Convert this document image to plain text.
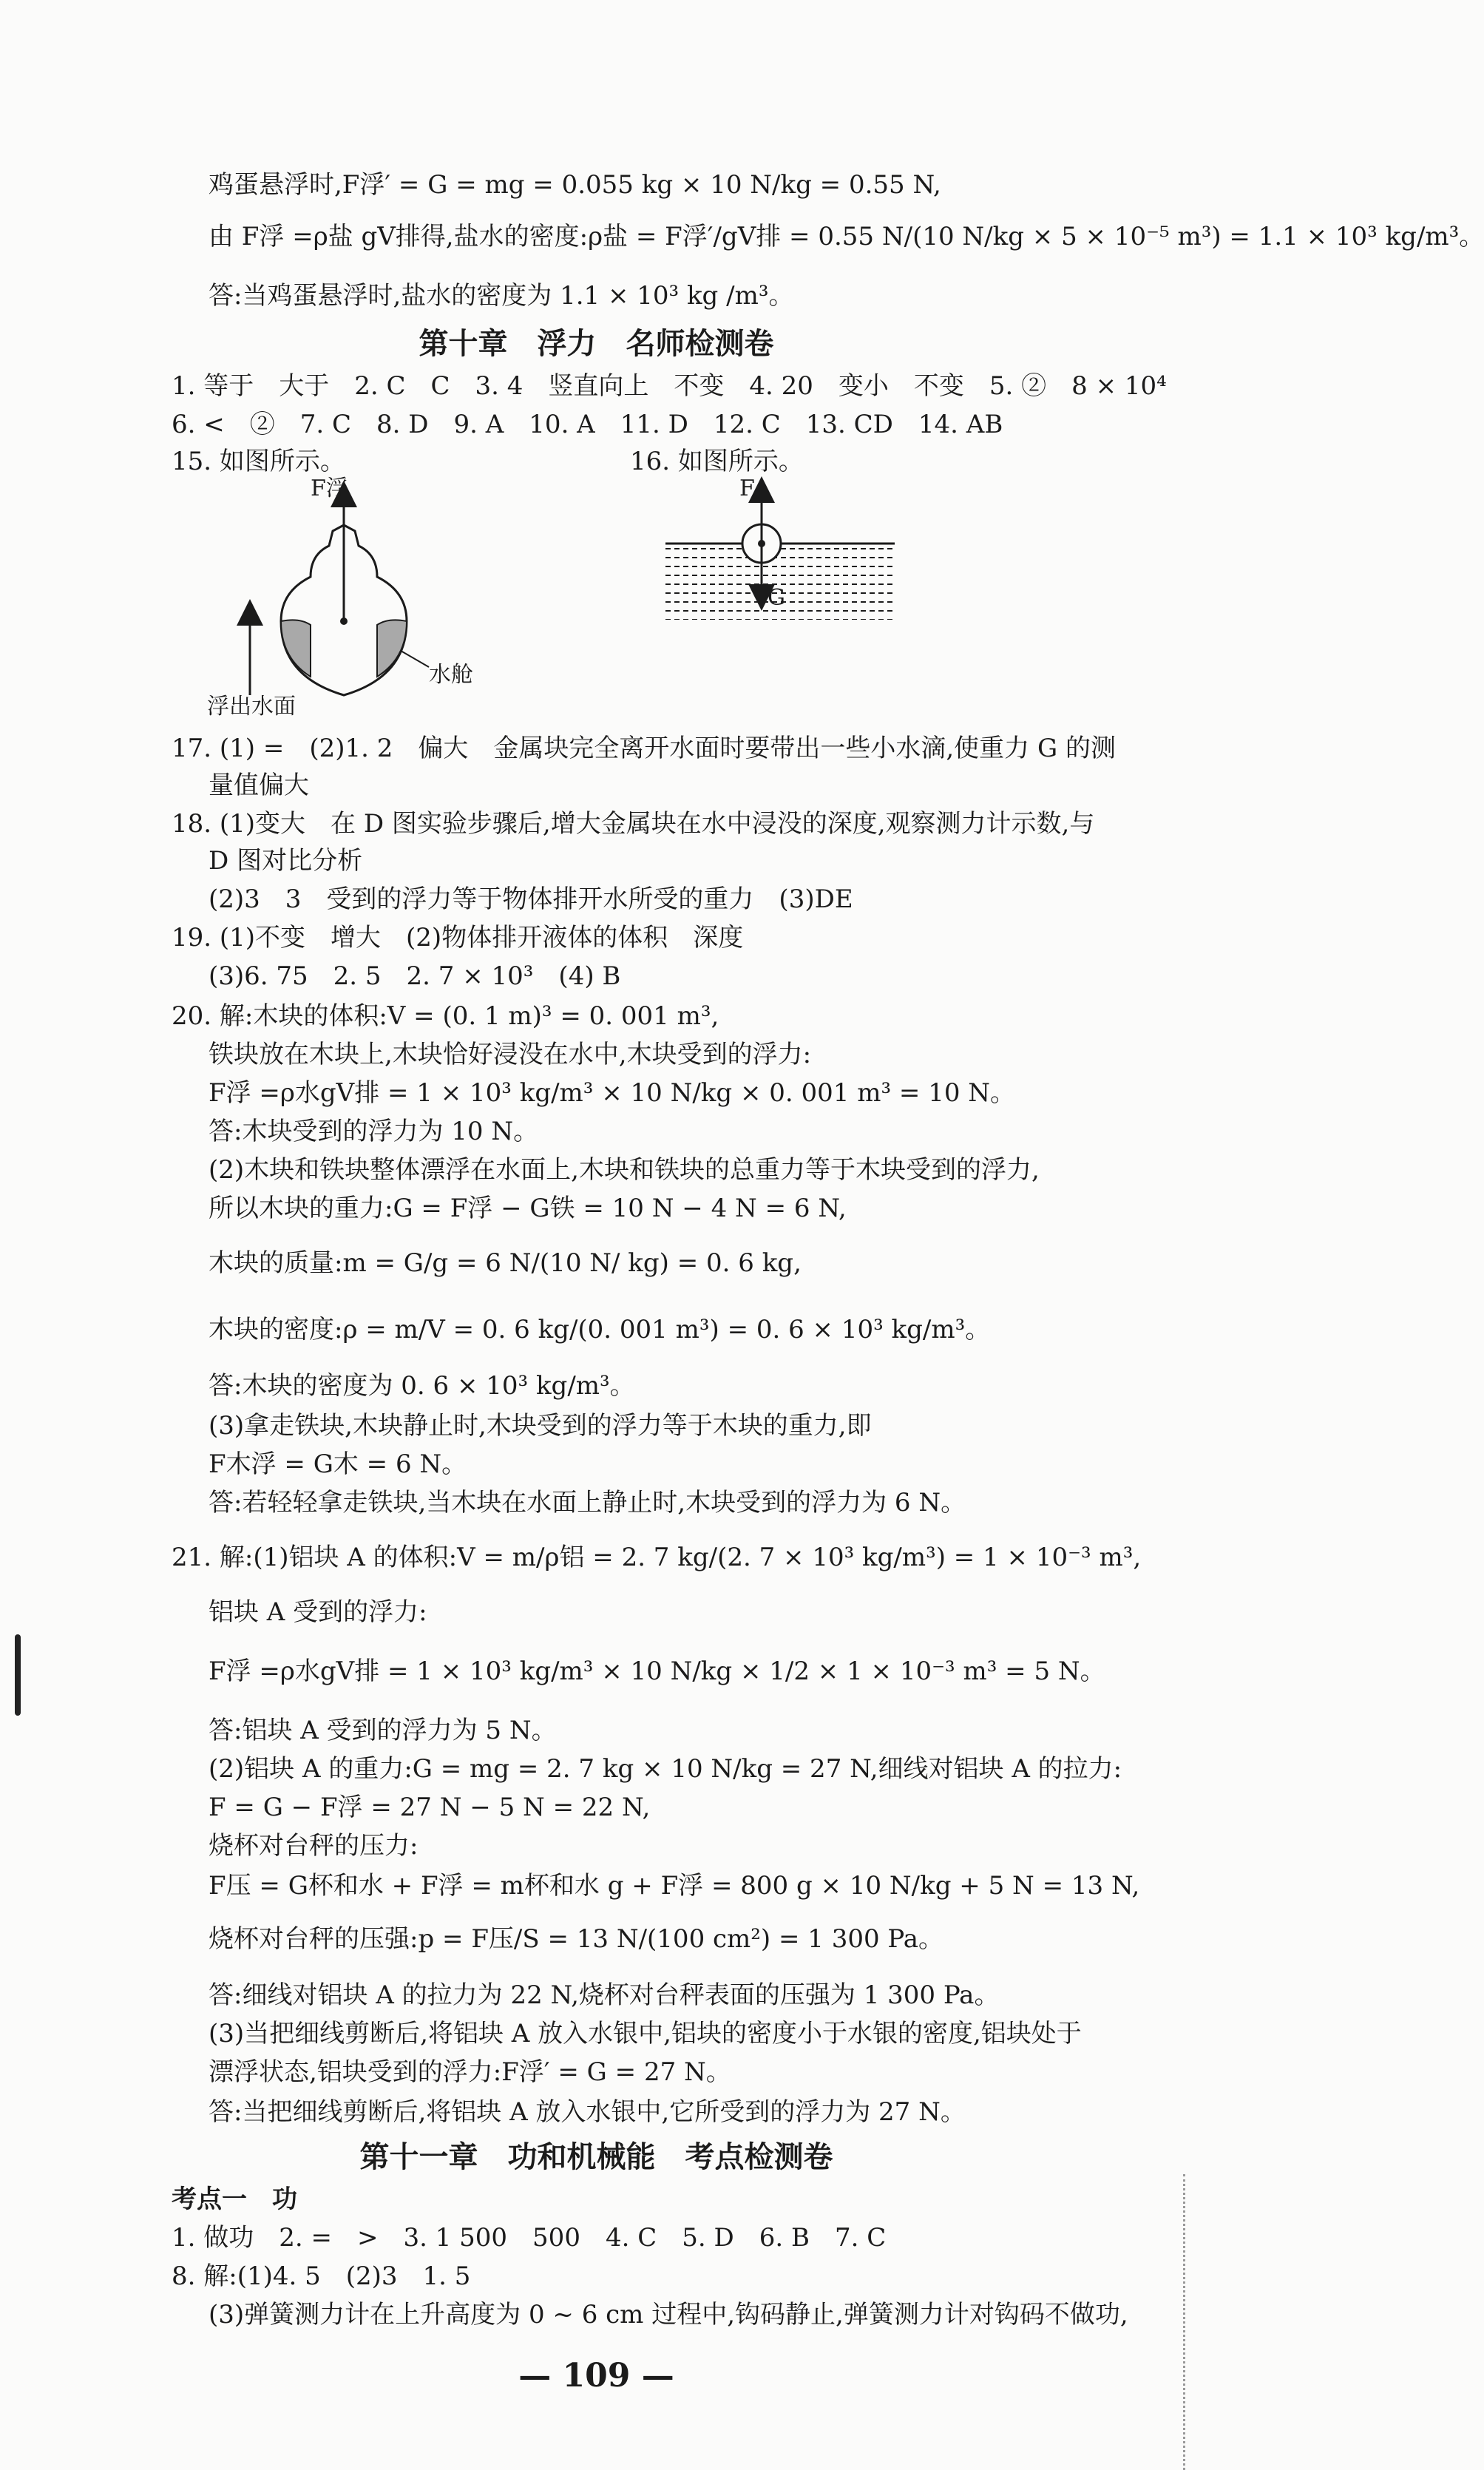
鸡蛋悬浮时,F浮′ = G = mg = 0.055 kg × 10 N/kg = 0.55 N,
由 F浮 =ρ盐 gV排得,盐水的密度:ρ盐 = F浮′/gV排 = 0.55 N/(10 N/kg × 5 × 10⁻⁵ m³) = 1.1 × 10³ kg/m³。
答:当鸡蛋悬浮时,盐水的密度为 1.1 × 10³ kg /m³。
第十章　浮力　名师检测卷
1. 等于　大于　2. C　C　3. 4　竖直向上　不变　4. 20　变小　不变　5. ②　8 × 10⁴
6. <　②　7. C　8. D　9. A　10. A　11. D　12. C　13. CD　14. AB
15. 如图所示。	16. 如图所示。
F浮
水舱
浮出水面
F
G
17. (1) =　(2)1. 2　偏大　金属块完全离开水面时要带出一些小水滴,使重力 G 的测
量值偏大
18. (1)变大　在 D 图实验步骤后,增大金属块在水中浸没的深度,观察测力计示数,与
D 图对比分析
(2)3　3　受到的浮力等于物体排开水所受的重力　(3)DE
19. (1)不变　增大　(2)物体排开液体的体积　深度
(3)6. 75　2. 5　2. 7 × 10³　(4) B
20. 解:木块的体积:V = (0. 1 m)³ = 0. 001 m³,
铁块放在木块上,木块恰好浸没在水中,木块受到的浮力:
F浮 =ρ水gV排 = 1 × 10³ kg/m³ × 10 N/kg × 0. 001 m³ = 10 N。
答:木块受到的浮力为 10 N。
(2)木块和铁块整体漂浮在水面上,木块和铁块的总重力等于木块受到的浮力,
所以木块的重力:G = F浮 − G铁 = 10 N − 4 N = 6 N,
木块的质量:m = G/g = 6 N/(10 N/ kg) = 0. 6 kg,
木块的密度:ρ = m/V = 0. 6 kg/(0. 001 m³) = 0. 6 × 10³ kg/m³。
答:木块的密度为 0. 6 × 10³ kg/m³。
(3)拿走铁块,木块静止时,木块受到的浮力等于木块的重力,即
F木浮 = G木 = 6 N。
答:若轻轻拿走铁块,当木块在水面上静止时,木块受到的浮力为 6 N。
21. 解:(1)铝块 A 的体积:V = m/ρ铝 = 2. 7 kg/(2. 7 × 10³ kg/m³) = 1 × 10⁻³ m³,
铝块 A 受到的浮力:
F浮 =ρ水gV排 = 1 × 10³ kg/m³ × 10 N/kg × 1/2 × 1 × 10⁻³ m³ = 5 N。
答:铝块 A 受到的浮力为 5 N。
(2)铝块 A 的重力:G = mg = 2. 7 kg × 10 N/kg = 27 N,细线对铝块 A 的拉力:
F = G − F浮 = 27 N − 5 N = 22 N,
烧杯对台秤的压力:
F压 = G杯和水 + F浮 = m杯和水 g + F浮 = 800 g × 10 N/kg + 5 N = 13 N,
烧杯对台秤的压强:p = F压/S = 13 N/(100 cm²) = 1 300 Pa。
答:细线对铝块 A 的拉力为 22 N,烧杯对台秤表面的压强为 1 300 Pa。
(3)当把细线剪断后,将铝块 A 放入水银中,铝块的密度小于水银的密度,铝块处于
漂浮状态,铝块受到的浮力:F浮′ = G = 27 N。
答:当把细线剪断后,将铝块 A 放入水银中,它所受到的浮力为 27 N。
第十一章　功和机械能　考点检测卷
考点一　功
1. 做功　2. =　>　3. 1 500　500　4. C　5. D　6. B　7. C
8. 解:(1)4. 5　(2)3　1. 5
(3)弹簧测力计在上升高度为 0 ~ 6 cm 过程中,钩码静止,弹簧测力计对钩码不做功,
— 109 —
